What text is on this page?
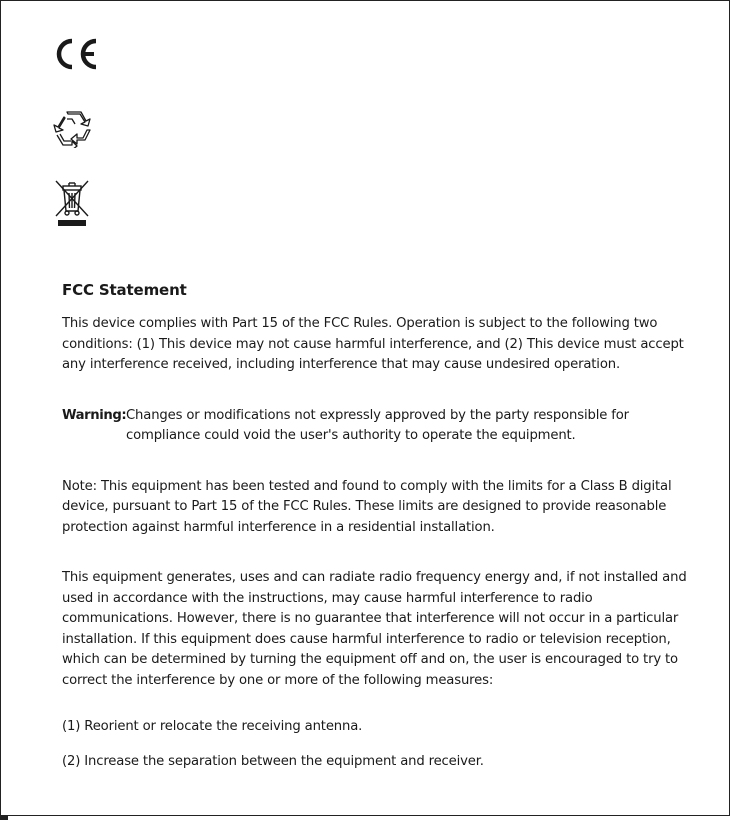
FCC Statement

This device complies with Part 15 of the FCC Rules. Operation is subject to the following two conditions: (1) This device may not cause harmful interference, and (2) This device must accept any interference received, including interference that may cause undesired operation.

Warning: Changes or modifications not expressly approved by the party responsible for compliance could void the user's authority to operate the equipment.

Note: This equipment has been tested and found to comply with the limits for a Class B digital device, pursuant to Part 15 of the FCC Rules. These limits are designed to provide reasonable protection against harmful interference in a residential installation.

This equipment generates, uses and can radiate radio frequency energy and, if not installed and used in accordance with the instructions, may cause harmful interference to radio communications. However, there is no guarantee that interference will not occur in a particular installation. If this equipment does cause harmful interference to radio or television reception, which can be determined by turning the equipment off and on, the user is encouraged to try to correct the interference by one or more of the following measures:

(1) Reorient or relocate the receiving antenna.

(2) Increase the separation between the equipment and receiver.
